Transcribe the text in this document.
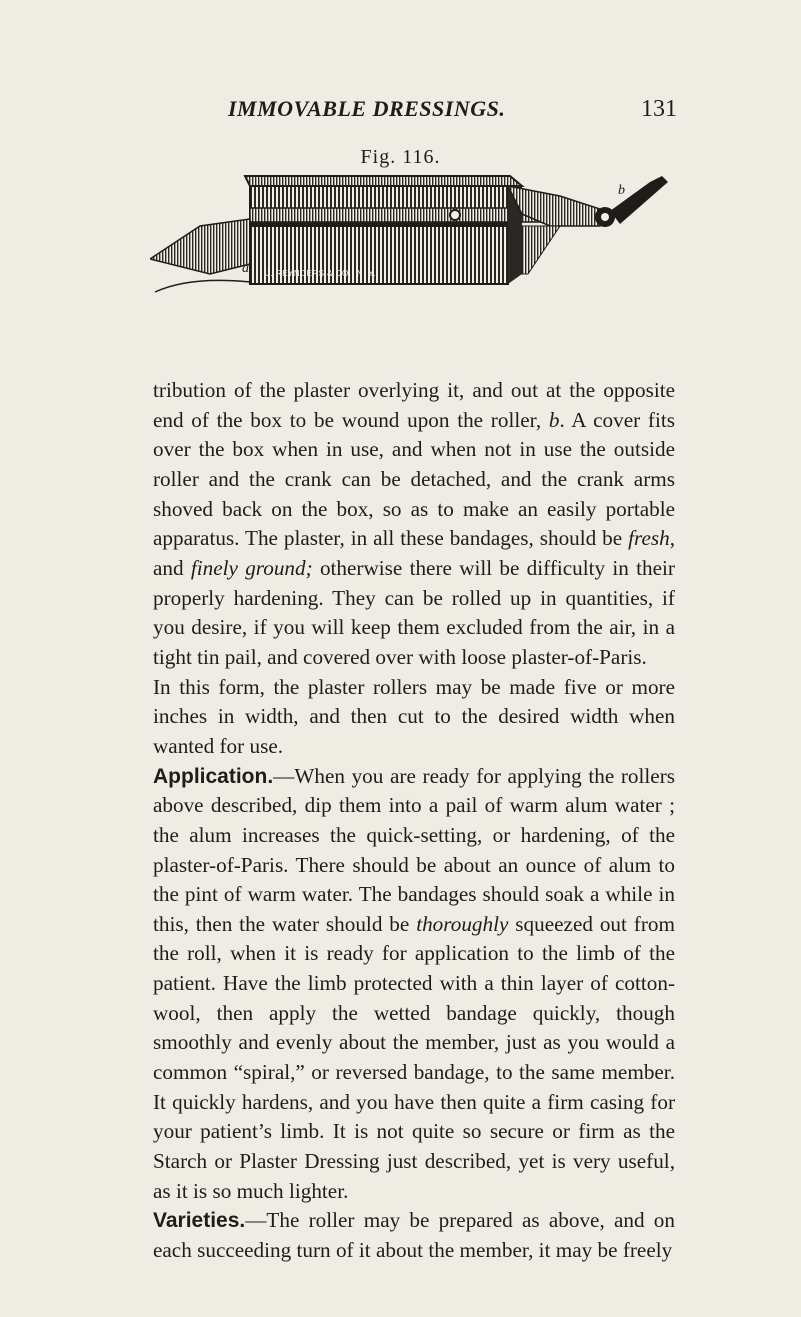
IMMOVABLE DRESSINGS.	131
Fig. 116.
a
b
J. REYNDERS & CO., N. Y.

tribution of the plaster overlying it, and out at the opposite end of the box to be wound upon the roller, b. A cover fits over the box when in use, and when not in use the outside roller and the crank can be detached, and the crank arms shoved back on the box, so as to make an easily portable apparatus. The plaster, in all these bandages, should be fresh, and finely ground; otherwise there will be difficulty in their properly hardening. They can be rolled up in quantities, if you desire, if you will keep them excluded from the air, in a tight tin pail, and covered over with loose plaster-of-Paris.

In this form, the plaster rollers may be made five or more inches in width, and then cut to the desired width when wanted for use.

Application.—When you are ready for applying the rollers above described, dip them into a pail of warm alum water ; the alum increases the quick-setting, or hardening, of the plaster-of-Paris. There should be about an ounce of alum to the pint of warm water. The bandages should soak a while in this, then the water should be thoroughly squeezed out from the roll, when it is ready for application to the limb of the patient. Have the limb protected with a thin layer of cotton-wool, then apply the wetted bandage quickly, though smoothly and evenly about the member, just as you would a common “spiral,” or reversed bandage, to the same member. It quickly hardens, and you have then quite a firm casing for your patient’s limb. It is not quite so secure or firm as the Starch or Plaster Dressing just described, yet is very useful, as it is so much lighter.

Varieties.—The roller may be prepared as above, and on each succeeding turn of it about the member, it may be freely
